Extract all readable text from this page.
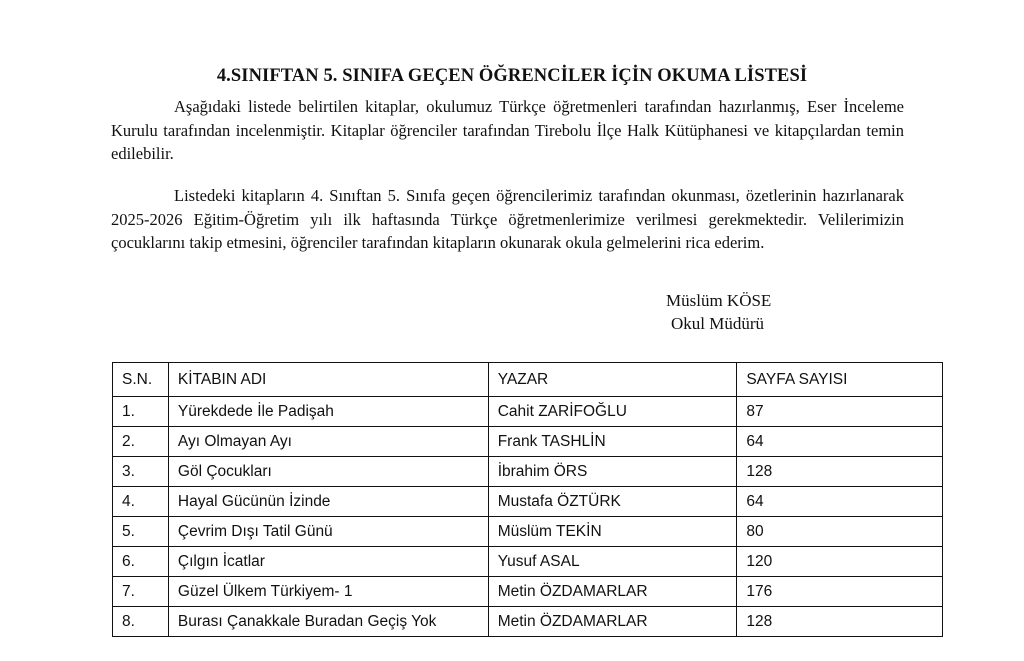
4.SINIFTAN 5. SINIFA GEÇEN ÖĞRENCİLER İÇİN OKUMA LİSTESİ

Aşağıdaki listede belirtilen kitaplar, okulumuz Türkçe öğretmenleri tarafından hazırlanmış, Eser İnceleme Kurulu tarafından incelenmiştir. Kitaplar öğrenciler tarafından Tirebolu İlçe Halk Kütüphanesi ve kitapçılardan temin edilebilir.

Listedeki kitapların 4. Sınıftan 5. Sınıfa geçen öğrencilerimiz tarafından okunması, özetlerinin hazırlanarak 2025-2026 Eğitim-Öğretim yılı ilk haftasında Türkçe öğretmenlerimize verilmesi gerekmektedir. Velilerimizin çocuklarını takip etmesini, öğrenciler tarafından kitapların okunarak okula gelmelerini rica ederim.

Müslüm KÖSE
Okul Müdürü
S.N.	KİTABIN ADI	YAZAR	SAYFA SAYISI
1.	Yürekdede İle Padişah	Cahit ZARİFOĞLU	87
2.	Ayı Olmayan Ayı	Frank TASHLİN	64
3.	Göl Çocukları	İbrahim ÖRS	128
4.	Hayal Gücünün İzinde	Mustafa ÖZTÜRK	64
5.	Çevrim Dışı Tatil Günü	Müslüm TEKİN	80
6.	Çılgın İcatlar	Yusuf ASAL	120
7.	Güzel Ülkem Türkiyem- 1	Metin ÖZDAMARLAR	176
8.	Burası Çanakkale Buradan Geçiş Yok	Metin ÖZDAMARLAR	128
